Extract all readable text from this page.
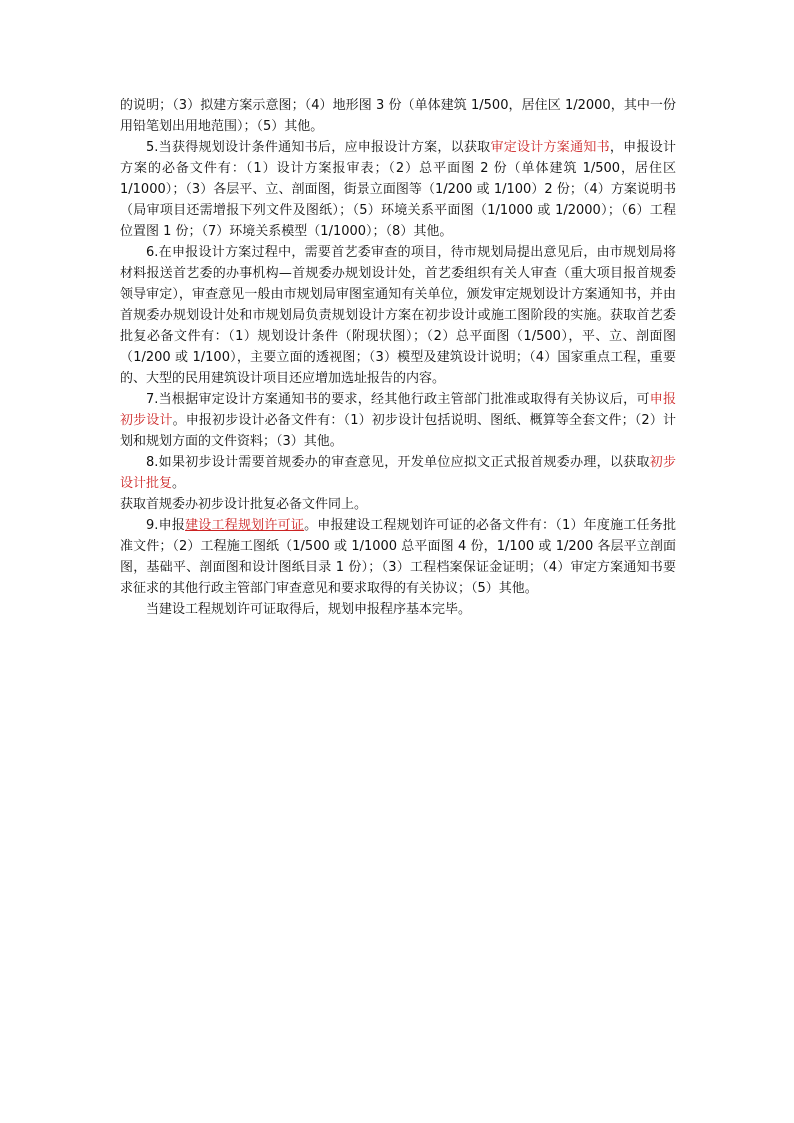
的说明；（3）拟建方案示意图；（4）地形图 3 份（单体建筑 1/500，居住区 1/2000，其中一份用铅笔划出用地范围）；（5）其他。

5.当获得规划设计条件通知书后，应申报设计方案，以获取审定设计方案通知书，申报设计方案的必备文件有：（1）设计方案报审表；（2）总平面图 2 份（单体建筑 1/500，居住区 1/1000）；（3）各层平、立、剖面图，街景立面图等（1/200 或 1/100）2 份；（4）方案说明书（局审项目还需增报下列文件及图纸）；（5）环境关系平面图（1/1000 或 1/2000）；（6）工程位置图 1 份；（7）环境关系模型（1/1000）；（8）其他。

6.在申报设计方案过程中，需要首艺委审查的项目，待市规划局提出意见后，由市规划局将材料报送首艺委的办事机构—首规委办规划设计处，首艺委组织有关人审查（重大项目报首规委领导审定），审查意见一般由市规划局审图室通知有关单位，颁发审定规划设计方案通知书，并由首规委办规划设计处和市规划局负责规划设计方案在初步设计或施工图阶段的实施。获取首艺委批复必备文件有：（1）规划设计条件（附现状图）；（2）总平面图（1/500），平、立、剖面图（1/200 或 1/100），主要立面的透视图；（3）模型及建筑设计说明；（4）国家重点工程，重要的、大型的民用建筑设计项目还应增加选址报告的内容。

7.当根据审定设计方案通知书的要求，经其他行政主管部门批准或取得有关协议后，可申报初步设计。申报初步设计必备文件有：（1）初步设计包括说明、图纸、概算等全套文件；（2）计划和规划方面的文件资料；（3）其他。

8.如果初步设计需要首规委办的审查意见，开发单位应拟文正式报首规委办理，以获取初步设计批复。

获取首规委办初步设计批复必备文件同上。

9.申报建设工程规划许可证。申报建设工程规划许可证的必备文件有：（1）年度施工任务批准文件；（2）工程施工图纸（1/500 或 1/1000 总平面图 4 份，1/100 或 1/200 各层平立剖面图，基础平、剖面图和设计图纸目录 1 份）；（3）工程档案保证金证明；（4）审定方案通知书要求征求的其他行政主管部门审查意见和要求取得的有关协议；（5）其他。

当建设工程规划许可证取得后，规划申报程序基本完毕。
